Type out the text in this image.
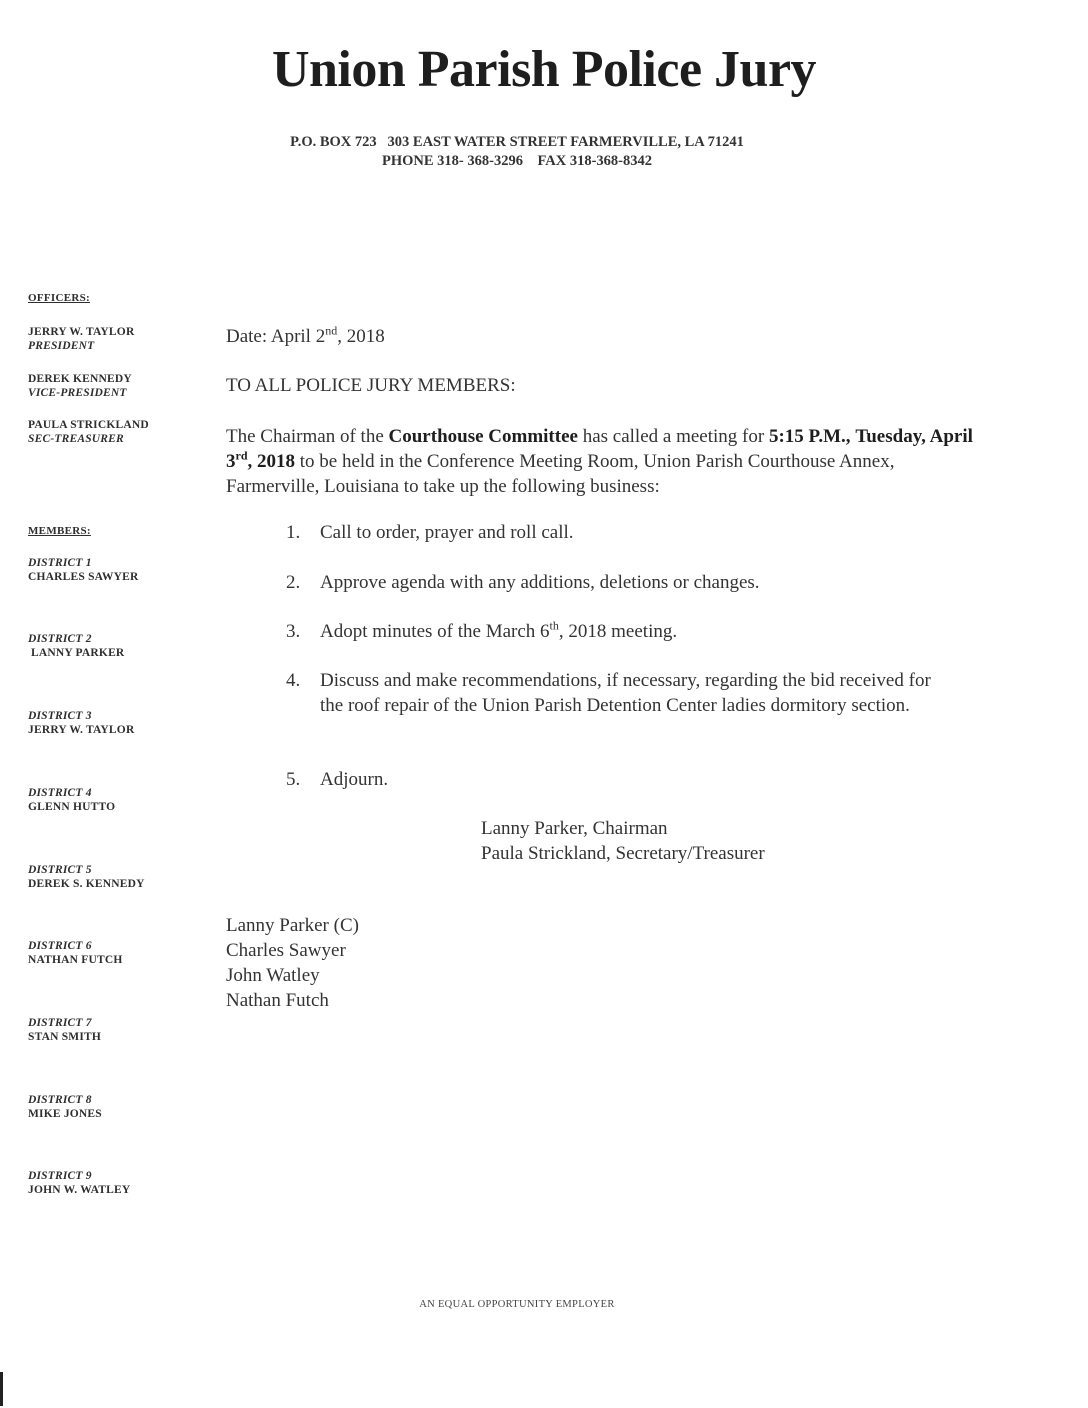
Union Parish Police Jury
P.O. BOX 723   303 EAST WATER STREET FARMERVILLE, LA 71241
PHONE 318- 368-3296    FAX 318-368-8342
OFFICERS:
JERRY W. TAYLOR
PRESIDENT
DEREK KENNEDY
VICE-PRESIDENT
PAULA STRICKLAND
SEC-TREASURER
MEMBERS:
DISTRICT 1
CHARLES SAWYER
DISTRICT 2
LANNY PARKER
DISTRICT 3
JERRY W. TAYLOR
DISTRICT 4
GLENN HUTTO
DISTRICT 5
DEREK S. KENNEDY
DISTRICT 6
NATHAN FUTCH
DISTRICT 7
STAN SMITH
DISTRICT 8
MIKE JONES
DISTRICT 9
JOHN W. WATLEY
Date: April 2nd, 2018
TO ALL POLICE JURY MEMBERS:
The Chairman of the Courthouse Committee has called a meeting for 5:15 P.M., Tuesday, April 3rd, 2018 to be held in the Conference Meeting Room, Union Parish Courthouse Annex, Farmerville, Louisiana to take up the following business:
1.	Call to order, prayer and roll call.
2.	Approve agenda with any additions, deletions or changes.
3.	Adopt minutes of the March 6th, 2018 meeting.
4.	Discuss and make recommendations, if necessary, regarding the bid received for the roof repair of the Union Parish Detention Center ladies dormitory section.
5.	Adjourn.
Lanny Parker, Chairman
Paula Strickland, Secretary/Treasurer
Lanny Parker (C)
Charles Sawyer
John Watley
Nathan Futch
AN EQUAL OPPORTUNITY EMPLOYER
